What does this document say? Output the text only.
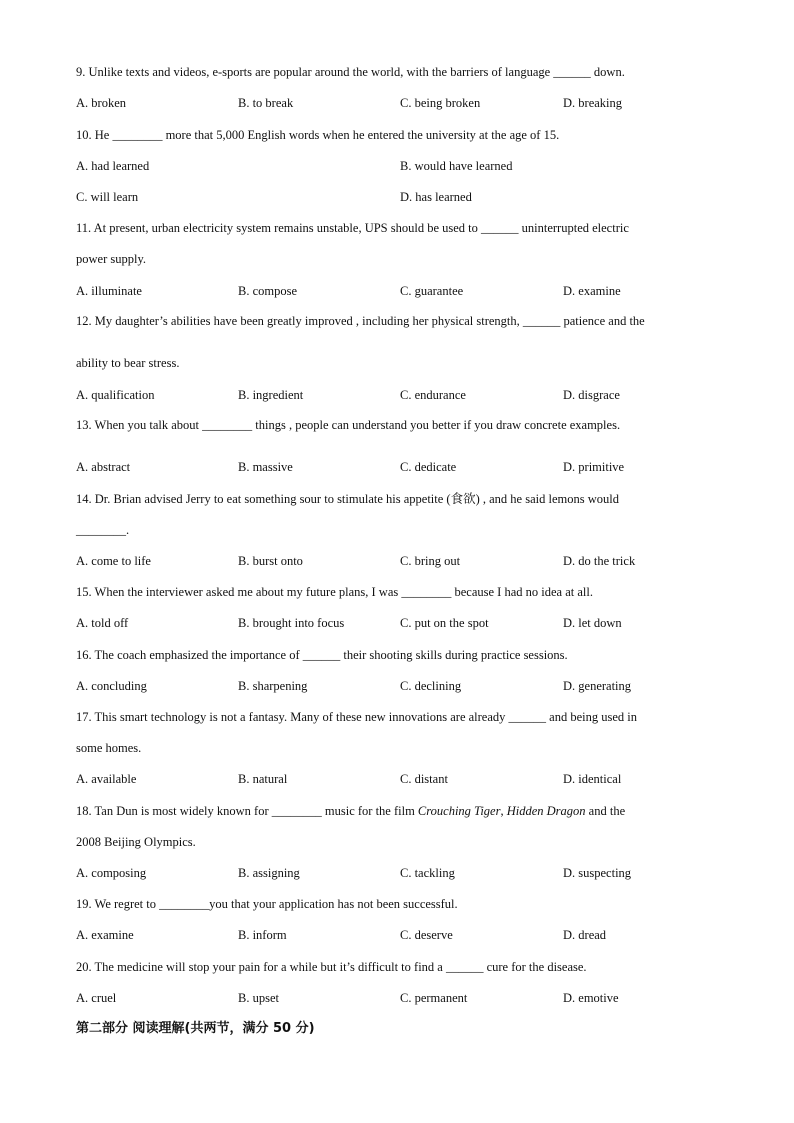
9. Unlike texts and videos, e-sports are popular around the world, with the barriers of language ______ down.
A. broken	B. to break	C. being broken	D. breaking
10. He ________ more that 5,000 English words when he entered the university at the age of 15.
A. had learned	B. would have learned
C. will learn	D. has learned
11. At present, urban electricity system remains unstable, UPS should be used to ______ uninterrupted electric
power supply.
A. illuminate	B. compose	C. guarantee	D. examine
12. My daughter’s abilities have been greatly improved , including her physical strength, ______ patience and the
ability to bear stress.
A. qualification	B. ingredient	C. endurance	D. disgrace
13. When you talk about ________ things , people can understand you better if you draw concrete examples.
A. abstract	B. massive	C. dedicate	D. primitive
14. Dr. Brian advised Jerry to eat something sour to stimulate his appetite (食欲) , and he said lemons would
________.
A. come to life	B. burst onto	C. bring out	D. do the trick
15. When the interviewer asked me about my future plans, I was ________ because I had no idea at all.
A. told off	B. brought into focus	C. put on the spot	D. let down
16. The coach emphasized the importance of ______ their shooting skills during practice sessions.
A. concluding	B. sharpening	C. declining	D. generating
17. This smart technology is not a fantasy. Many of these new innovations are already ______ and being used in
some homes.
A. available	B. natural	C. distant	D. identical
18. Tan Dun is most widely known for ________ music for the film Crouching Tiger, Hidden Dragon and the
2008 Beijing Olympics.
A. composing	B. assigning	C. tackling	D. suspecting
19. We regret to ________you that your application has not been successful.
A. examine	B. inform	C. deserve	D. dread
20. The medicine will stop your pain for a while but it’s difficult to find a ______ cure for the disease.
A. cruel	B. upset	C. permanent	D. emotive
第二部分 阅读理解(共两节，满分 50 分)
